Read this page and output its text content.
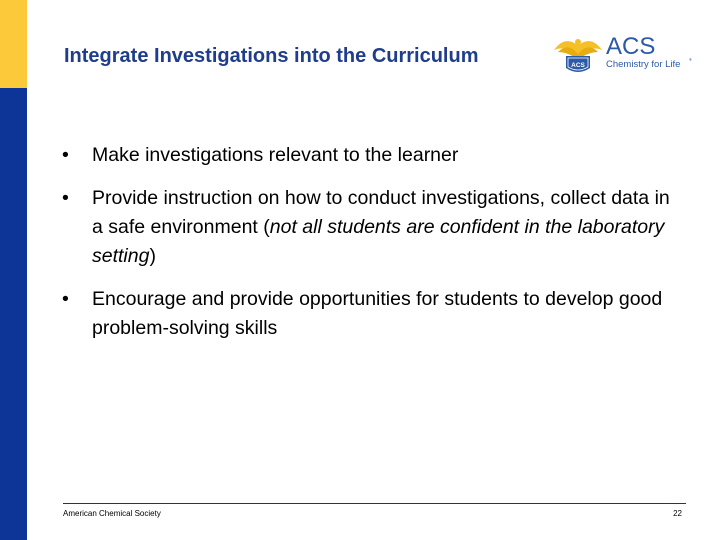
Integrate Investigations into the Curriculum	ACS
ACS
Chemistry for Life ®
• Make investigations relevant to the learner
• Provide instruction on how to conduct investigations, collect data in a safe environment (not all students are confident in the laboratory setting)
• Encourage and provide opportunities for students to develop good problem-solving skills
American Chemical Society	22
